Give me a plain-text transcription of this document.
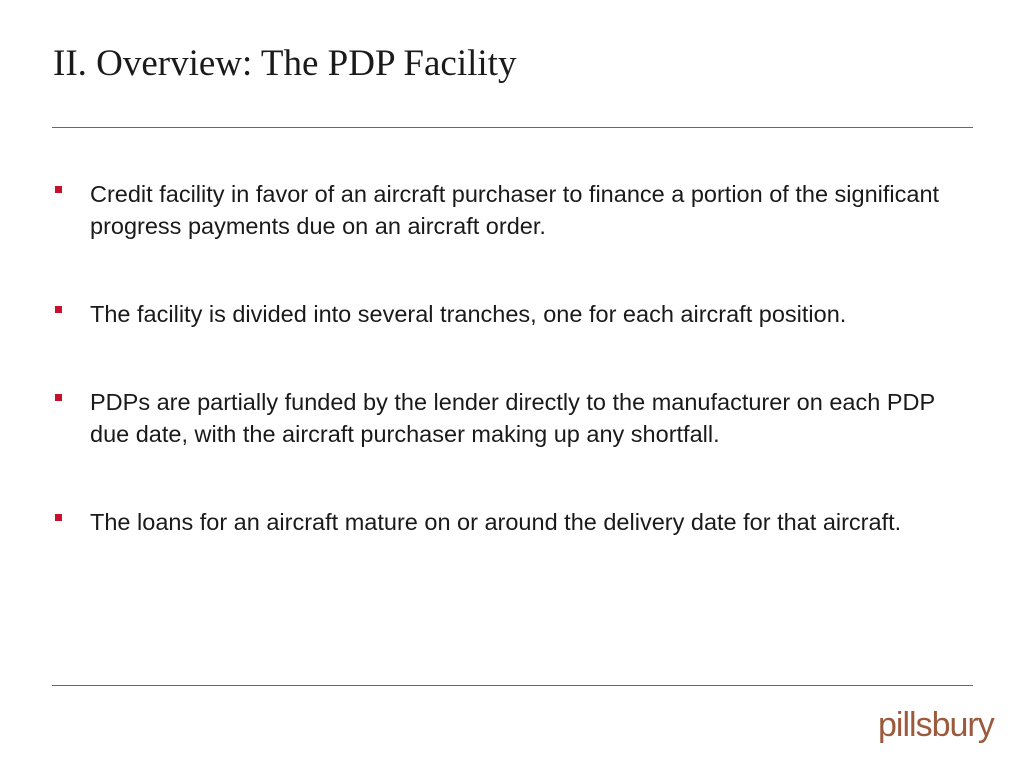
II. Overview: The PDP Facility
Credit facility in favor of an aircraft purchaser to finance a portion of the significant progress payments due on an aircraft order.
The facility is divided into several tranches, one for each aircraft position.
PDPs are partially funded by the lender directly to the manufacturer on each PDP due date, with the aircraft purchaser making up any shortfall.
The loans for an aircraft mature on or around the delivery date for that aircraft.
pillsbury
